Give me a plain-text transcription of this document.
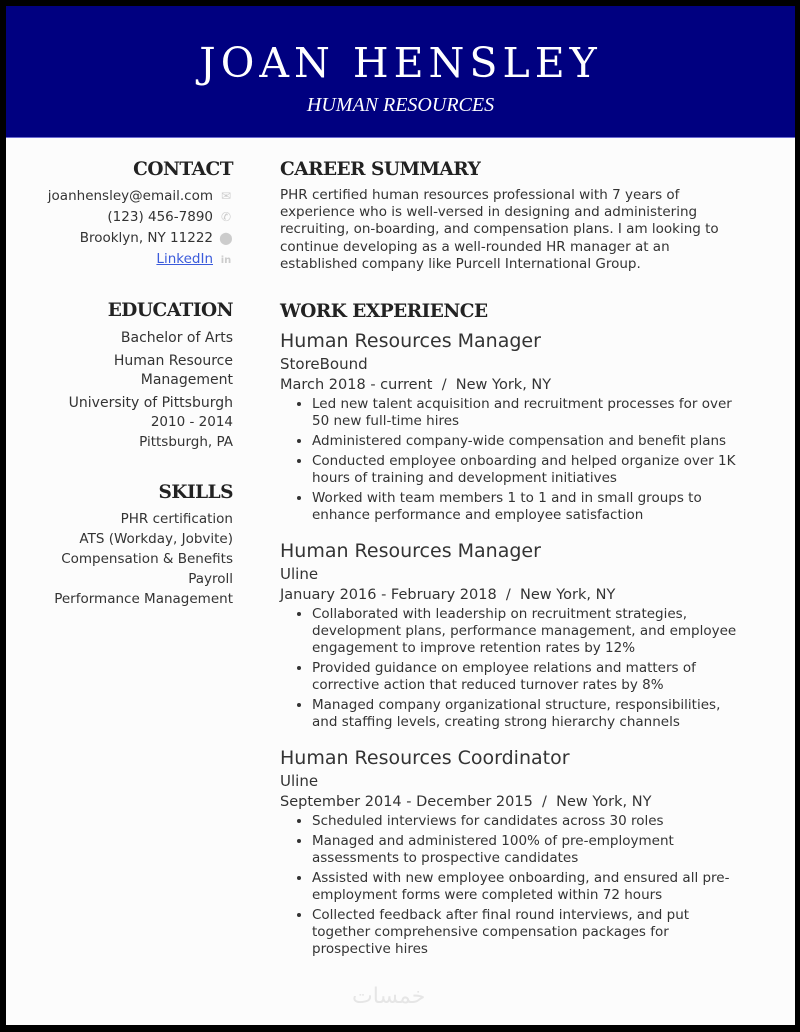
JOAN HENSLEY
HUMAN RESOURCES
CONTACT
joanhensley@email.com ✉
(123) 456-7890 ✆
Brooklyn, NY 11222 ⬤
LinkedIn in
EDUCATION
Bachelor of Arts
Human Resource Management
University of Pittsburgh
2010 - 2014
Pittsburgh, PA
SKILLS
PHR certification
ATS (Workday, Jobvite)
Compensation & Benefits
Payroll
Performance Management
CAREER SUMMARY

PHR certified human resources professional with 7 years of experience who is well-versed in designing and administering recruiting, on-boarding, and compensation plans. I am looking to continue developing as a well-rounded HR manager at an established company like Purcell International Group.

WORK EXPERIENCE
Human Resources Manager
StoreBound
March 2018 - current  /  New York, NY
• Led new talent acquisition and recruitment processes for over 50 new full-time hires
• Administered company-wide compensation and benefit plans
• Conducted employee onboarding and helped organize over 1K hours of training and development initiatives
• Worked with team members 1 to 1 and in small groups to enhance performance and employee satisfaction
Human Resources Manager
Uline
January 2016 - February 2018  /  New York, NY
• Collaborated with leadership on recruitment strategies, development plans, performance management, and employee engagement to improve retention rates by 12%
• Provided guidance on employee relations and matters of corrective action that reduced turnover rates by 8%
• Managed company organizational structure, responsibilities, and staffing levels, creating strong hierarchy channels
Human Resources Coordinator
Uline
September 2014 - December 2015  /  New York, NY
• Scheduled interviews for candidates across 30 roles
• Managed and administered 100% of pre-employment assessments to prospective candidates
• Assisted with new employee onboarding, and ensured all pre-employment forms were completed within 72 hours
• Collected feedback after final round interviews, and put together comprehensive compensation packages for prospective hires
خمسات
